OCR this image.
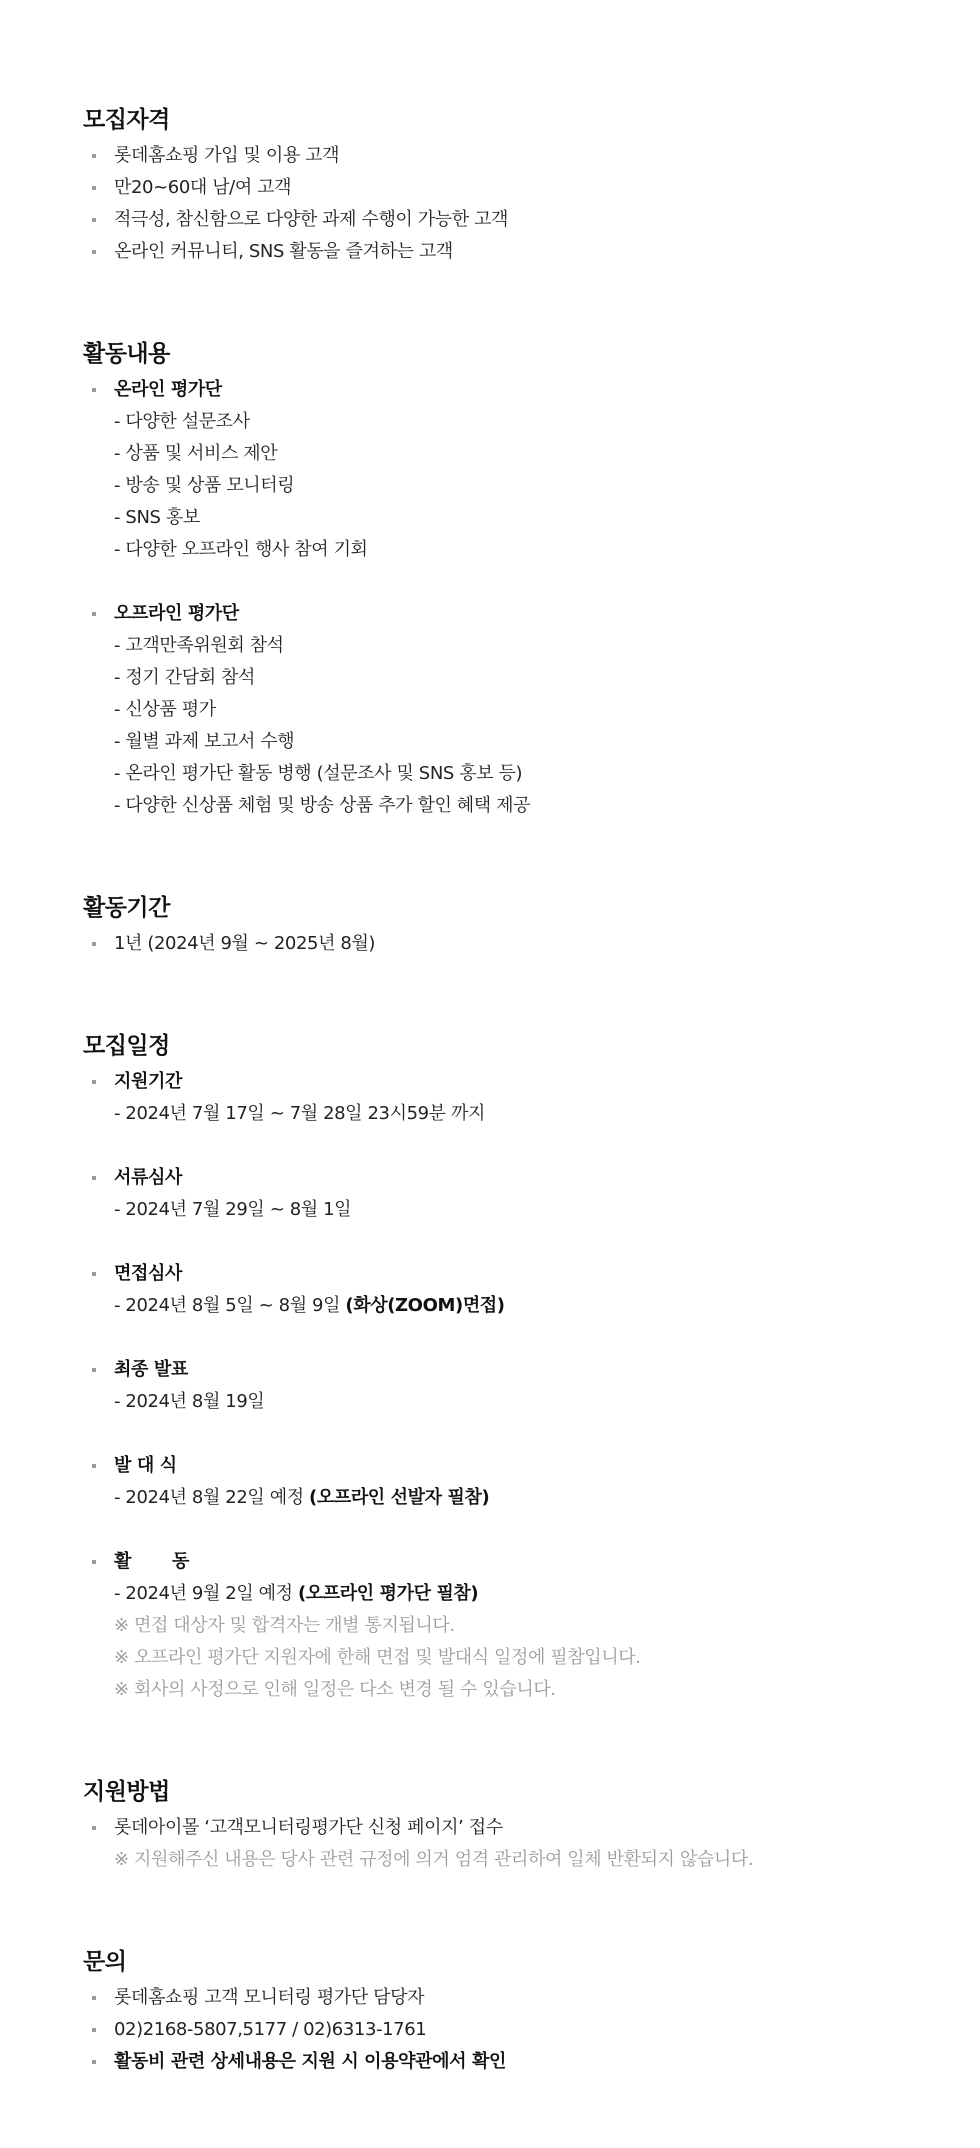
모집자격
롯데홈쇼핑 가입 및 이용 고객
만20~60대 남/여 고객
적극성, 참신함으로 다양한 과제 수행이 가능한 고객
온라인 커뮤니티, SNS 활동을 즐겨하는 고객
활동내용
온라인 평가단
- 다양한 설문조사
- 상품 및 서비스 제안
- 방송 및 상품 모니터링
- SNS 홍보
- 다양한 오프라인 행사 참여 기회
오프라인 평가단
- 고객만족위원회 참석
- 정기 간담회 참석
- 신상품 평가
- 월별 과제 보고서 수행
- 온라인 평가단 활동 병행 (설문조사 및 SNS 홍보 등)
- 다양한 신상품 체험 및 방송 상품 추가 할인 혜택 제공
활동기간
1년 (2024년 9월 ~ 2025년 8월)
모집일정
지원기간
- 2024년 7월 17일 ~ 7월 28일 23시59분 까지
서류심사
- 2024년 7월 29일 ~ 8월 1일
면접심사
- 2024년 8월 5일 ~ 8월 9일 (화상(ZOOM)면접)
최종 발표
- 2024년 8월 19일
발 대 식
- 2024년 8월 22일 예정 (오프라인 선발자 필참)
활       동
- 2024년 9월 2일 예정 (오프라인 평가단 필참)
※ 면접 대상자 및 합격자는 개별 통지됩니다.
※ 오프라인 평가단 지원자에 한해 면접 및 발대식 일정에 필참입니다.
※ 회사의 사정으로 인해 일정은 다소 변경 될 수 있습니다.
지원방법
롯데아이몰 ‘고객모니터링평가단 신청 페이지’ 접수
※ 지원해주신 내용은 당사 관련 규정에 의거 엄격 관리하여 일체 반환되지 않습니다.
문의
롯데홈쇼핑 고객 모니터링 평가단 담당자
02)2168-5807,5177 / 02)6313-1761
활동비 관련 상세내용은 지원 시 이용약관에서 확인
